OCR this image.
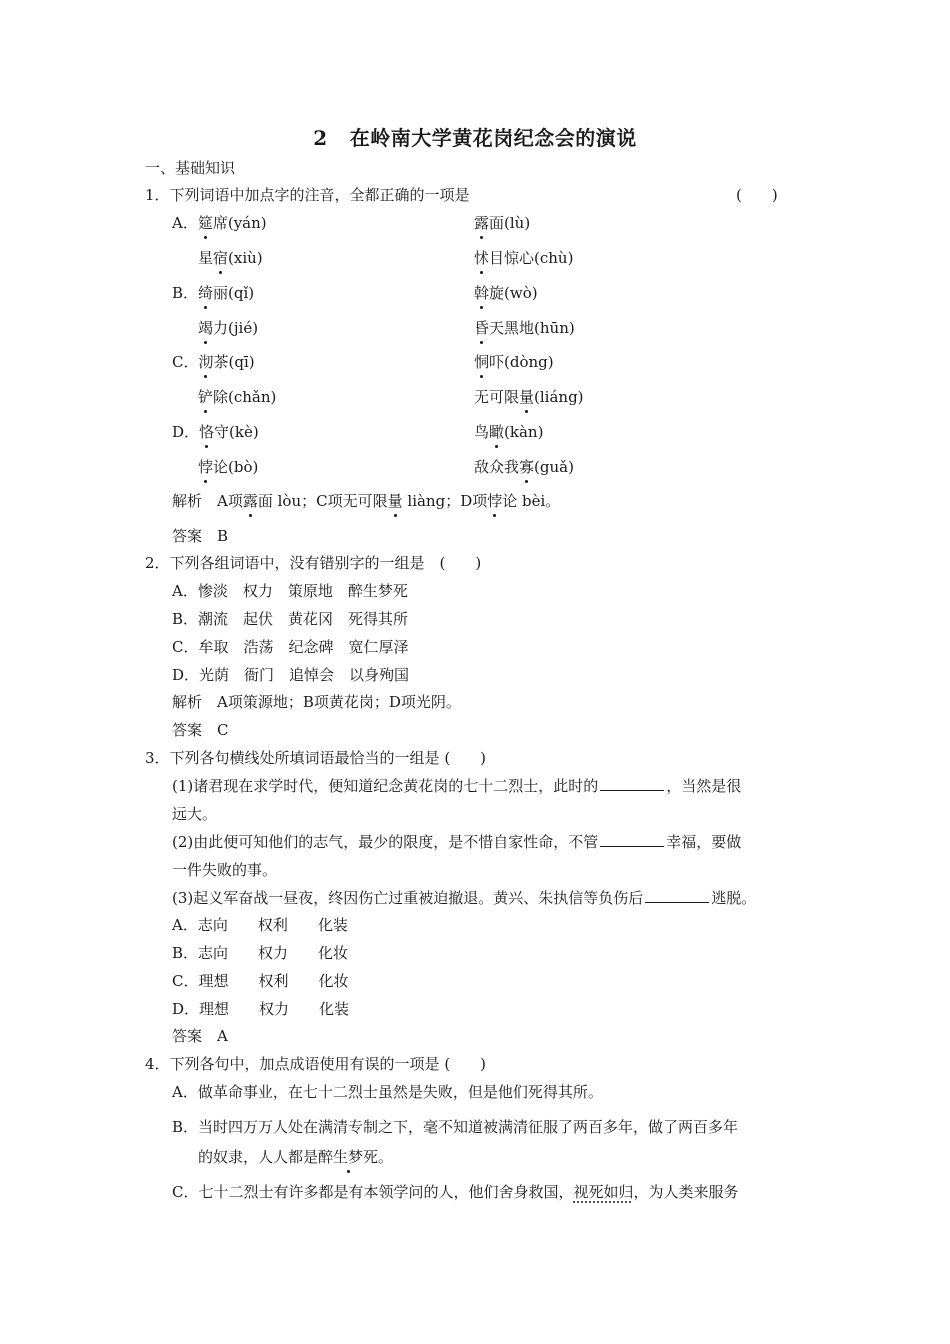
2 在岭南大学黄花岗纪念会的演说
一、基础知识
1．下列词语中加点字的注音，全都正确的一项是	(　　)
A．筵席(yán)	露面(lù)
星宿(xiù)	怵目惊心(chù)
B．绮丽(qǐ)	斡旋(wò)
竭力(jié)	昏天黑地(hūn)
C．沏茶(qī)	恫吓(dòng)
铲除(chǎn)	无可限量(liáng)
D．恪守(kè)	鸟瞰(kàn)
悖论(bò)	敌众我寡(guǎ)
解析　A项露面 lòu；C项无可限量 liàng；D项悖论 bèi。
答案　B
2．下列各组词语中，没有错别字的一组是　(　　)
A．惨淡　权力　策原地　醉生梦死
B．潮流　起伏　黄花冈　死得其所
C．牟取　浩荡　纪念碑　宽仁厚泽
D．光荫　衙门　追悼会　以身殉国
解析　A项策源地；B项黄花岗；D项光阴。
答案　C
3．下列各句横线处所填词语最恰当的一组是 (　　)
(1)诸君现在求学时代，便知道纪念黄花岗的七十二烈士，此时的	，当然是很
远大。
(2)由此便可知他们的志气，最少的限度，是不惜自家性命，不管	幸福，要做
一件失败的事。
(3)起义军奋战一昼夜，终因伤亡过重被迫撤退。黄兴、朱执信等负伤后	逃脱。
A．志向　　权利　　化装
B．志向　　权力　　化妆
C．理想　　权利　　化妆
D．理想　　权力　　化装
答案　A
4．下列各句中，加点成语使用有误的一项是 (　　)
A．做革命事业，在七十二烈士虽然是失败，但是他们死得其所。
B．当时四万万人处在满清专制之下，毫不知道被满清征服了两百多年，做了两百多年
的奴隶，人人都是醉生梦死。
C．七十二烈士有许多都是有本领学问的人，他们舍身救国，视死如归，为人类来服务
